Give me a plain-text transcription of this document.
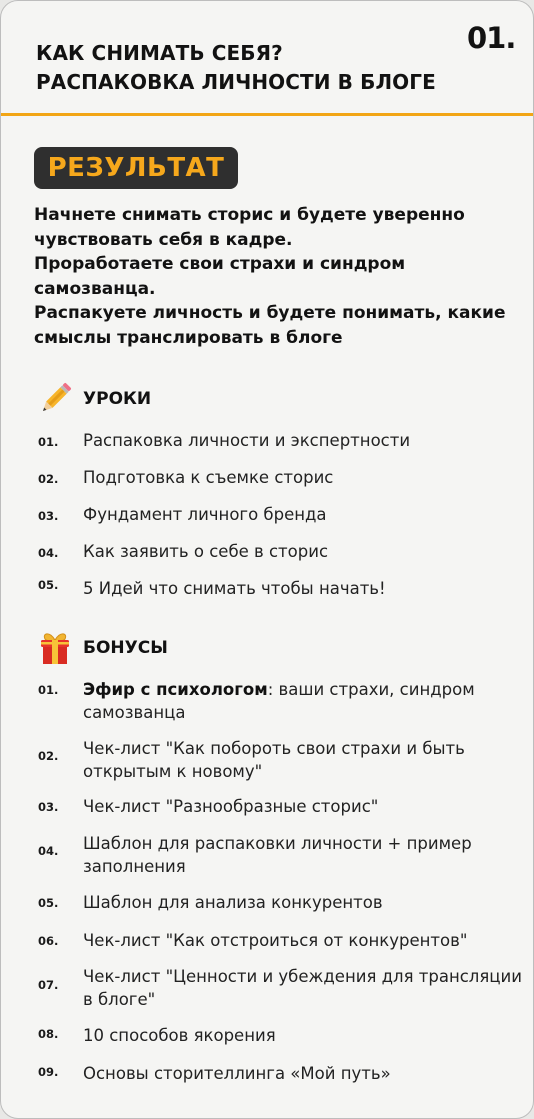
01.
КАК СНИМАТЬ СЕБЯ?
РАСПАКОВКА ЛИЧНОСТИ В БЛОГЕ
РЕЗУЛЬТАТ

Начнете снимать сторис и будете уверенно чувствовать себя в кадре.

Проработаете свои страхи и синдром самозванца.

Распакуете личность и будете понимать, какие смыслы транслировать в блоге

УРОКИ
01. Распаковка личности и экспертности
02. Подготовка к съемке сторис
03. Фундамент личного бренда
04. Как заявить о себе в сторис
05. 5 Идей что снимать чтобы начать!
БОНУСЫ
01. Эфир с психологом: ваши страхи, синдром самозванца
02. Чек-лист "Как побороть свои страхи и быть открытым к новому"
03. Чек-лист "Разнообразные сторис"
04. Шаблон для распаковки личности + пример заполнения
05. Шаблон для анализа конкурентов
06. Чек-лист "Как отстроиться от конкурентов"
07. Чек-лист "Ценности и убеждения для трансляции в блоге"
08. 10 способов якорения
09. Основы сторителлинга «Мой путь»
